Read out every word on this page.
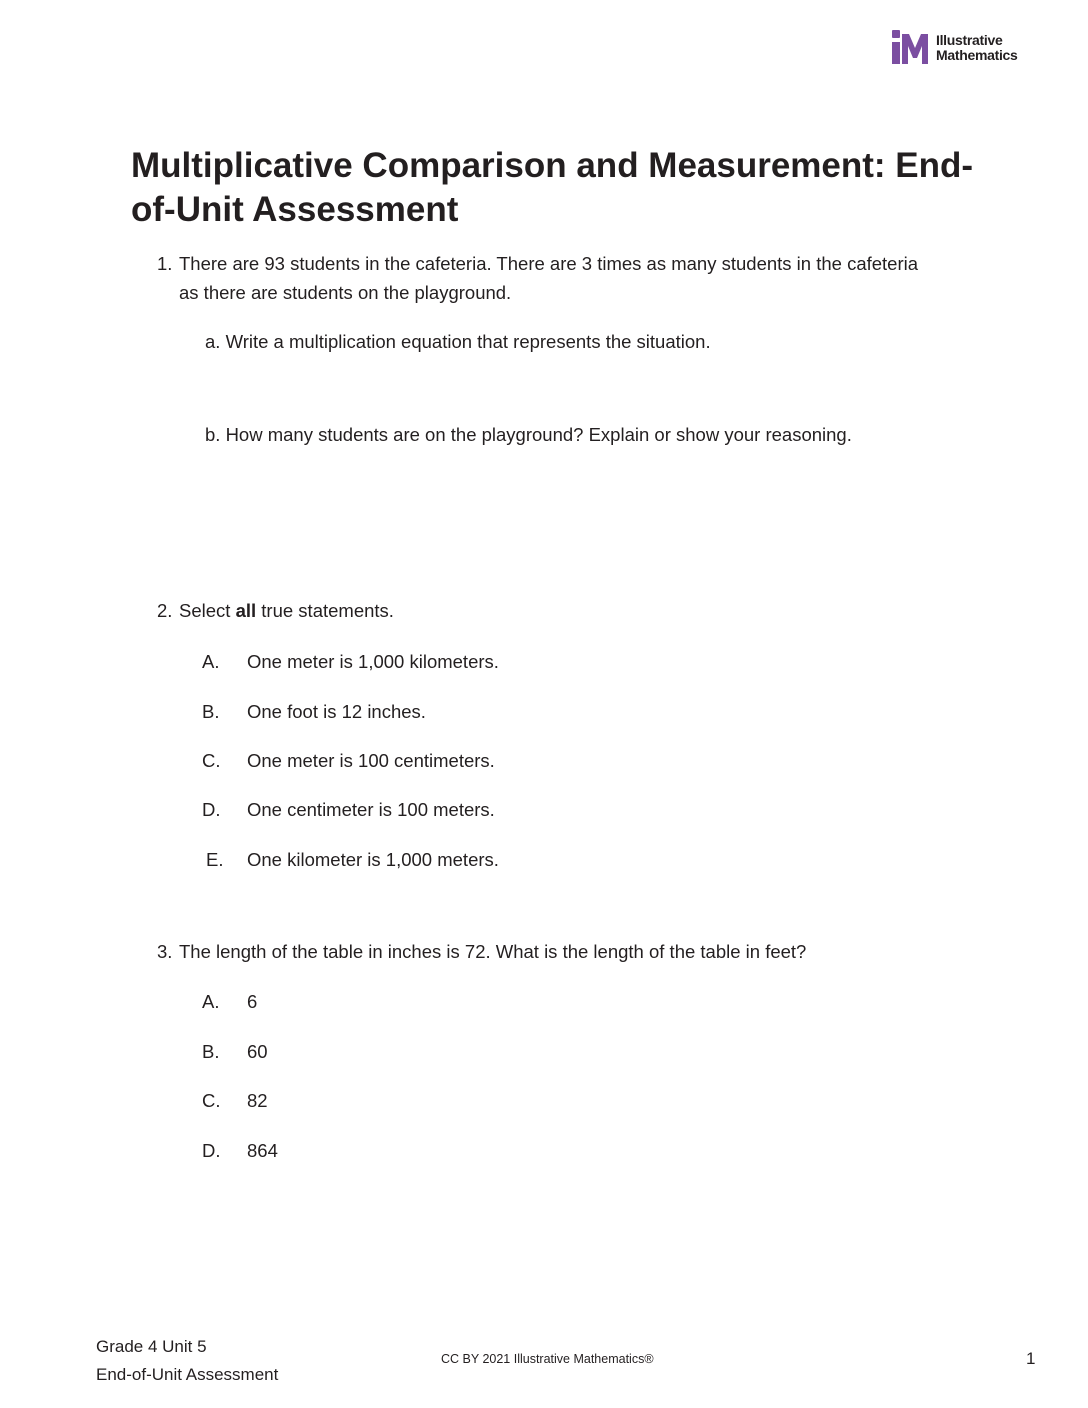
Illustrative
Mathematics
Multiplicative Comparison and Measurement: End-of-Unit Assessment
1. There are 93 students in the cafeteria. There are 3 times as many students in the cafeteria
as there are students on the playground.
a. Write a multiplication equation that represents the situation.
b. How many students are on the playground? Explain or show your reasoning.
2. Select all true statements.
A.	One meter is 1,000 kilometers.
B.	One foot is 12 inches.
C.	One meter is 100 centimeters.
D.	One centimeter is 100 meters.
E.	One kilometer is 1,000 meters.
3. The length of the table in inches is 72. What is the length of the table in feet?
A.	6
B.	60
C.	82
D.	864
Grade 4 Unit 5
End-of-Unit Assessment
CC BY 2021 Illustrative Mathematics®	1
